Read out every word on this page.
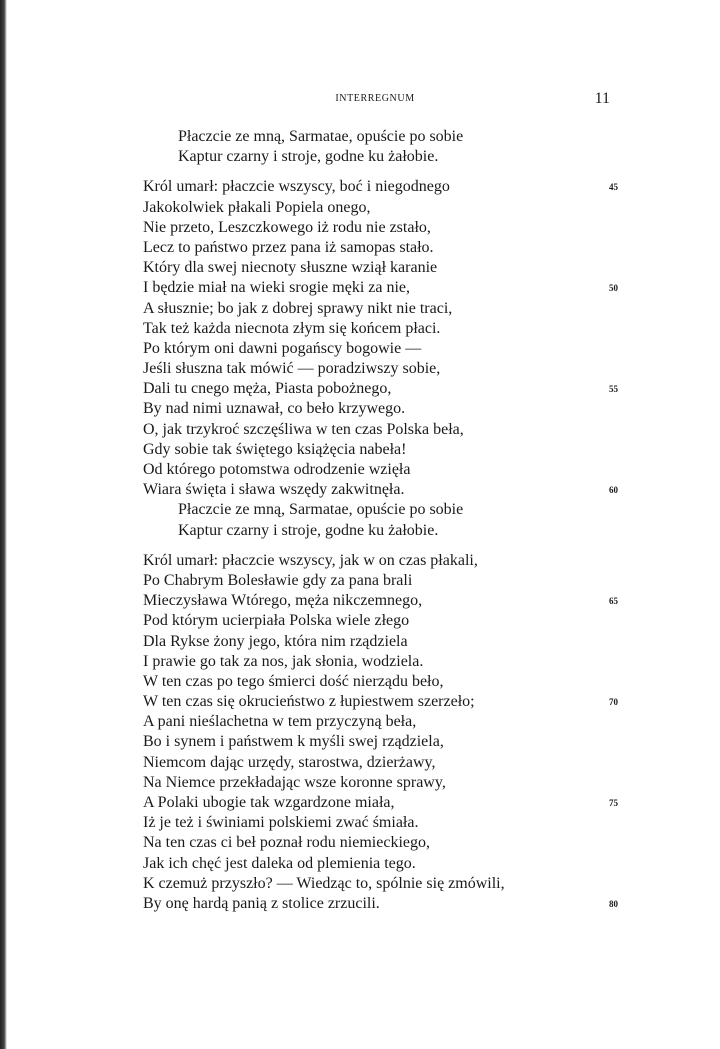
INTERREGNUM	11
Płaczcie ze mną, Sarmatae, opuście po sobie
Kaptur czarny i stroje, godne ku żałobie.
Król umarł: płaczcie wszyscy, boć i niegodnego	45
Jakokolwiek płakali Popiela onego,
Nie przeto, Leszczkowego iż rodu nie zstało,
Lecz to państwo przez pana iż samopas stało.
Który dla swej niecnoty słuszne wziął karanie
I będzie miał na wieki srogie męki za nie,	50
A słusznie; bo jak z dobrej sprawy nikt nie traci,
Tak też każda niecnota złym się końcem płaci.
Po którym oni dawni pogańscy bogowie —
Jeśli słuszna tak mówić — poradziwszy sobie,
Dali tu cnego męża, Piasta pobożnego,	55
By nad nimi uznawał, co beło krzywego.
O, jak trzykroć szczęśliwa w ten czas Polska beła,
Gdy sobie tak świętego książęcia nabeła!
Od którego potomstwa odrodzenie wzięła
Wiara święta i sława wszędy zakwitnęła.	60
Płaczcie ze mną, Sarmatae, opuście po sobie
Kaptur czarny i stroje, godne ku żałobie.
Król umarł: płaczcie wszyscy, jak w on czas płakali,
Po Chabrym Bolesławie gdy za pana brali
Mieczysława Wtórego, męża nikczemnego,	65
Pod którym ucierpiała Polska wiele złego
Dla Rykse żony jego, która nim rządziela
I prawie go tak za nos, jak słonia, wodziela.
W ten czas po tego śmierci dość nierządu beło,
W ten czas się okrucieństwo z łupiestwem szerzeło;	70
A pani nieślachetna w tem przyczyną beła,
Bo i synem i państwem k myśli swej rządziela,
Niemcom dając urzędy, starostwa, dzierżawy,
Na Niemce przekładając wsze koronne sprawy,
A Polaki ubogie tak wzgardzone miała,	75
Iż je też i świniami polskiemi zwać śmiała.
Na ten czas ci beł poznał rodu niemieckiego,
Jak ich chęć jest daleka od plemienia tego.
K czemuż przyszło? — Wiedząc to, spólnie się zmówili,
By onę hardą panią z stolice zrzucili.	80
